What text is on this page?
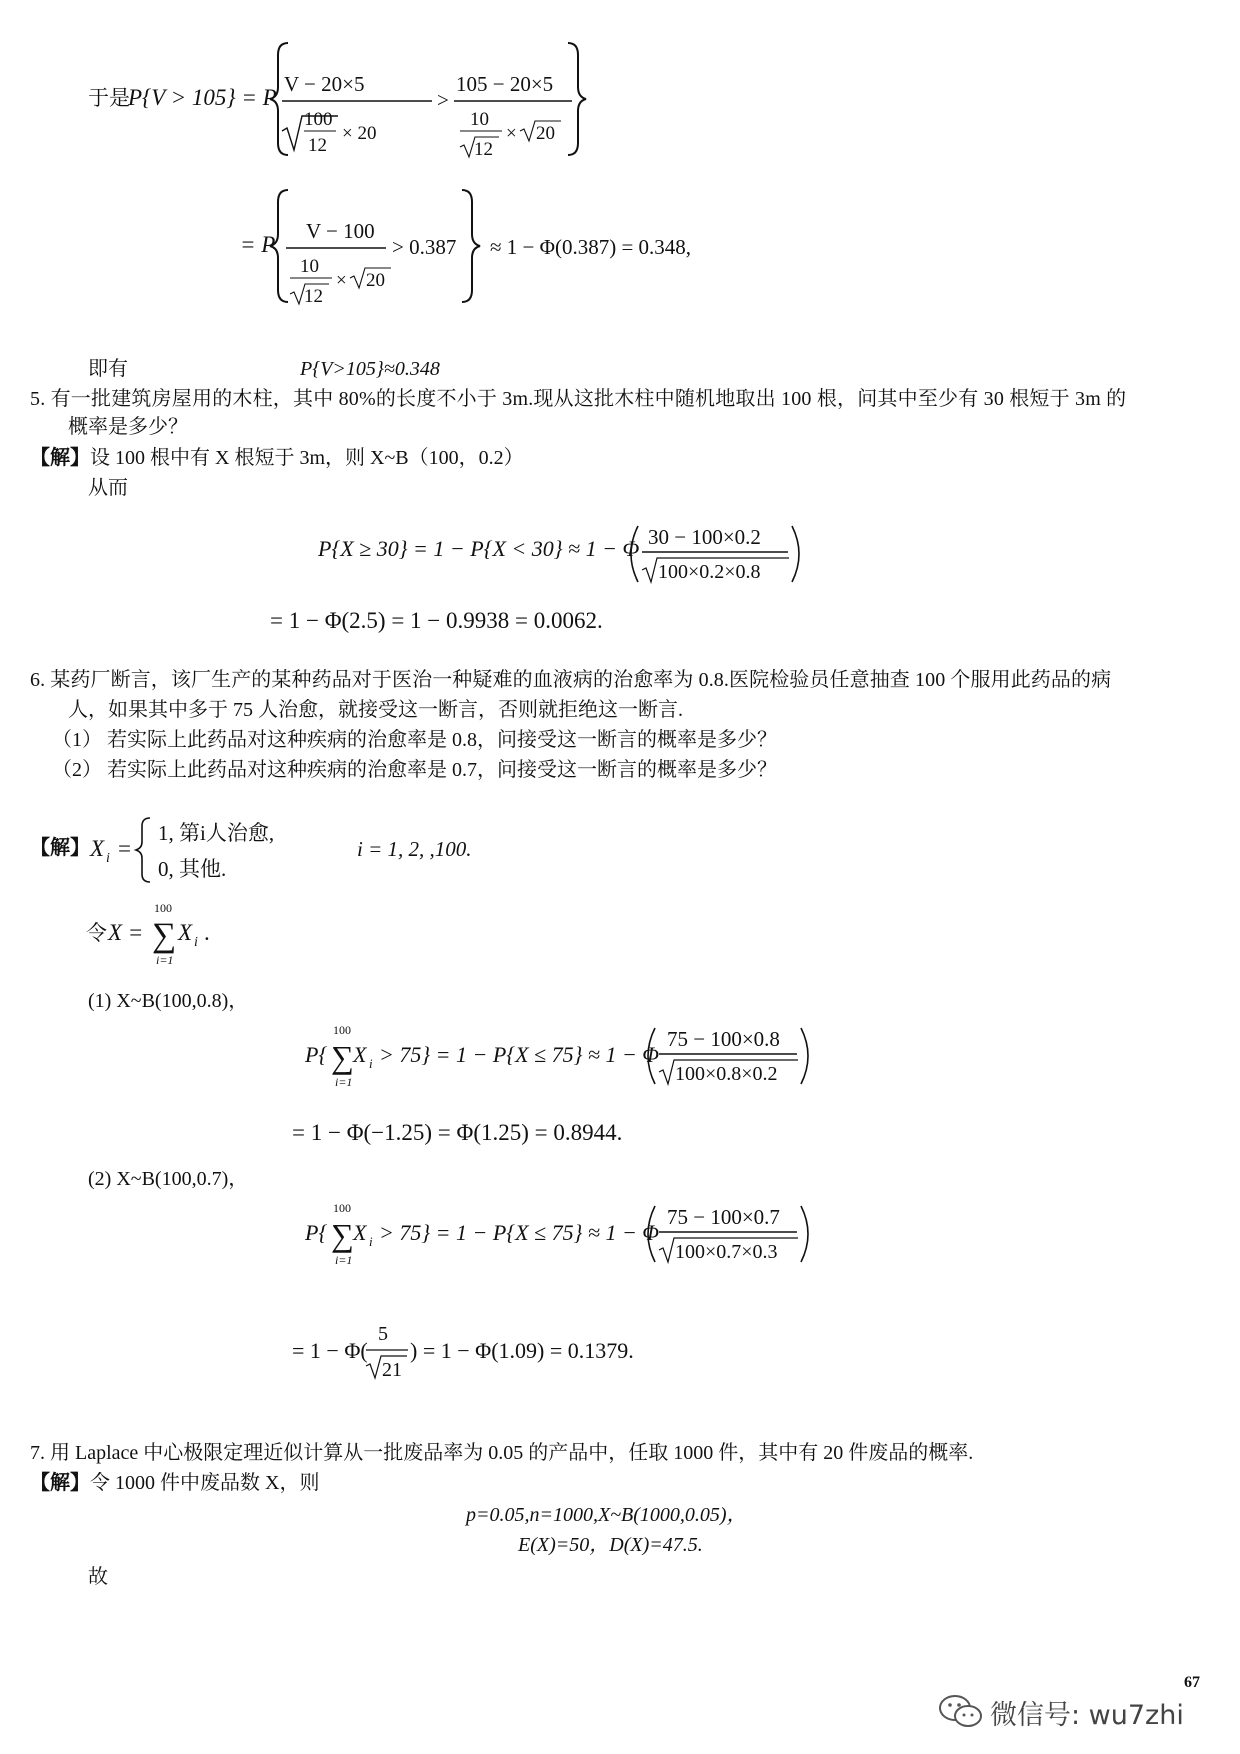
于是
P{V > 105} = P
V − 20×5
100
12
× 20
>
105 − 20×5
10
12
× 20
= P
V − 100
10
12
× 20
> 0.387 ≈ 1 − Φ(0.387) = 0.348,
即有	P{V>105}≈0.348
5. 有一批建筑房屋用的木柱，其中 80%的长度不小于 3m.现从这批木柱中随机地取出 100 根，问其中至少有 30 根短于 3m 的
概率是多少？
【解】设 100 根中有 X 根短于 3m，则 X~B（100，0.2）
从而
P{X ≥ 30} = 1 − P{X < 30} ≈ 1 − Φ 30 − 100×0.2
100×0.2×0.8
= 1 − Φ(2.5) = 1 − 0.9938 = 0.0062.
6. 某药厂断言，该厂生产的某种药品对于医治一种疑难的血液病的治愈率为 0.8.医院检验员任意抽查 100 个服用此药品的病
人，如果其中多于 75 人治愈，就接受这一断言，否则就拒绝这一断言.
（1） 若实际上此药品对这种疾病的治愈率是 0.8，问接受这一断言的概率是多少？
（2） 若实际上此药品对这种疾病的治愈率是 0.7，问接受这一断言的概率是多少？
【解】 X i =
1, 第i人治愈,
0, 其他.
i = 1, 2, ,100.
令 X =
100
∑
i=1
X i .
(1) X~B(100,0.8)，
P{
100
∑
i=1
X i > 75} = 1 − P{X ≤ 75} ≈ 1 − Φ
75 − 100×0.8
100×0.8×0.2
= 1 − Φ(−1.25) = Φ(1.25) = 0.8944.
(2) X~B(100,0.7)，
P{
100
∑
i=1
X i > 75} = 1 − P{X ≤ 75} ≈ 1 − Φ
75 − 100×0.7
100×0.7×0.3
= 1 − Φ(
5
21
) = 1 − Φ(1.09) = 0.1379.
7. 用 Laplace 中心极限定理近似计算从一批废品率为 0.05 的产品中，任取 1000 件，其中有 20 件废品的概率.
【解】令 1000 件中废品数 X，则
p=0.05,n=1000,X~B(1000,0.05)，
E(X)=50，D(X)=47.5.
故
67
微信号: wu7zhi
